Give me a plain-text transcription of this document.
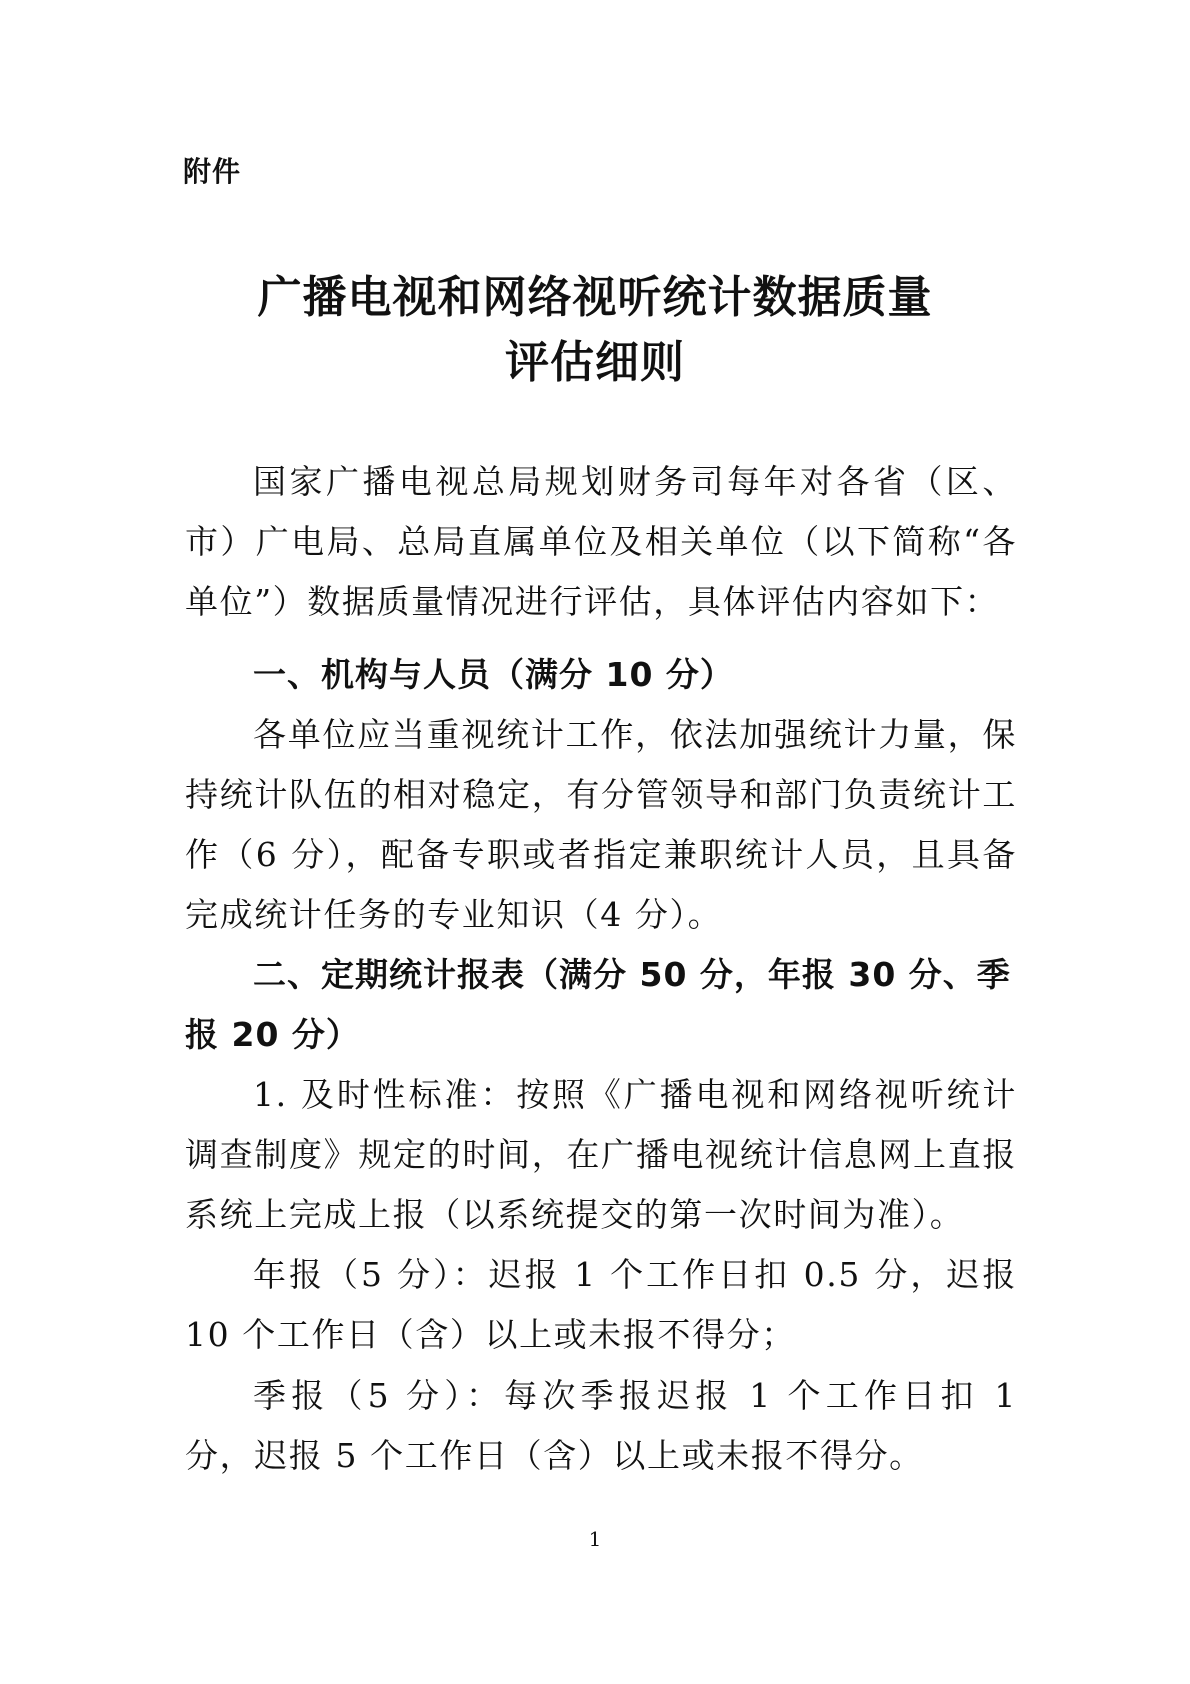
附件
广播电视和网络视听统计数据质量
评估细则
国家广播电视总局规划财务司每年对各省（区、市）广电局、总局直属单位及相关单位（以下简称“各单位”）数据质量情况进行评估，具体评估内容如下：
一、机构与人员（满分 10 分）
各单位应当重视统计工作，依法加强统计力量，保持统计队伍的相对稳定，有分管领导和部门负责统计工作（6 分），配备专职或者指定兼职统计人员，且具备完成统计任务的专业知识（4 分）。
二、定期统计报表（满分 50 分，年报 30 分、季报 20 分）
1. 及时性标准：按照《广播电视和网络视听统计调查制度》规定的时间，在广播电视统计信息网上直报系统上完成上报（以系统提交的第一次时间为准）。
年报（5 分）：迟报 1 个工作日扣 0.5 分，迟报 10 个工作日（含）以上或未报不得分；
季报（5 分）：每次季报迟报 1 个工作日扣 1 分，迟报 5 个工作日（含）以上或未报不得分。
1
